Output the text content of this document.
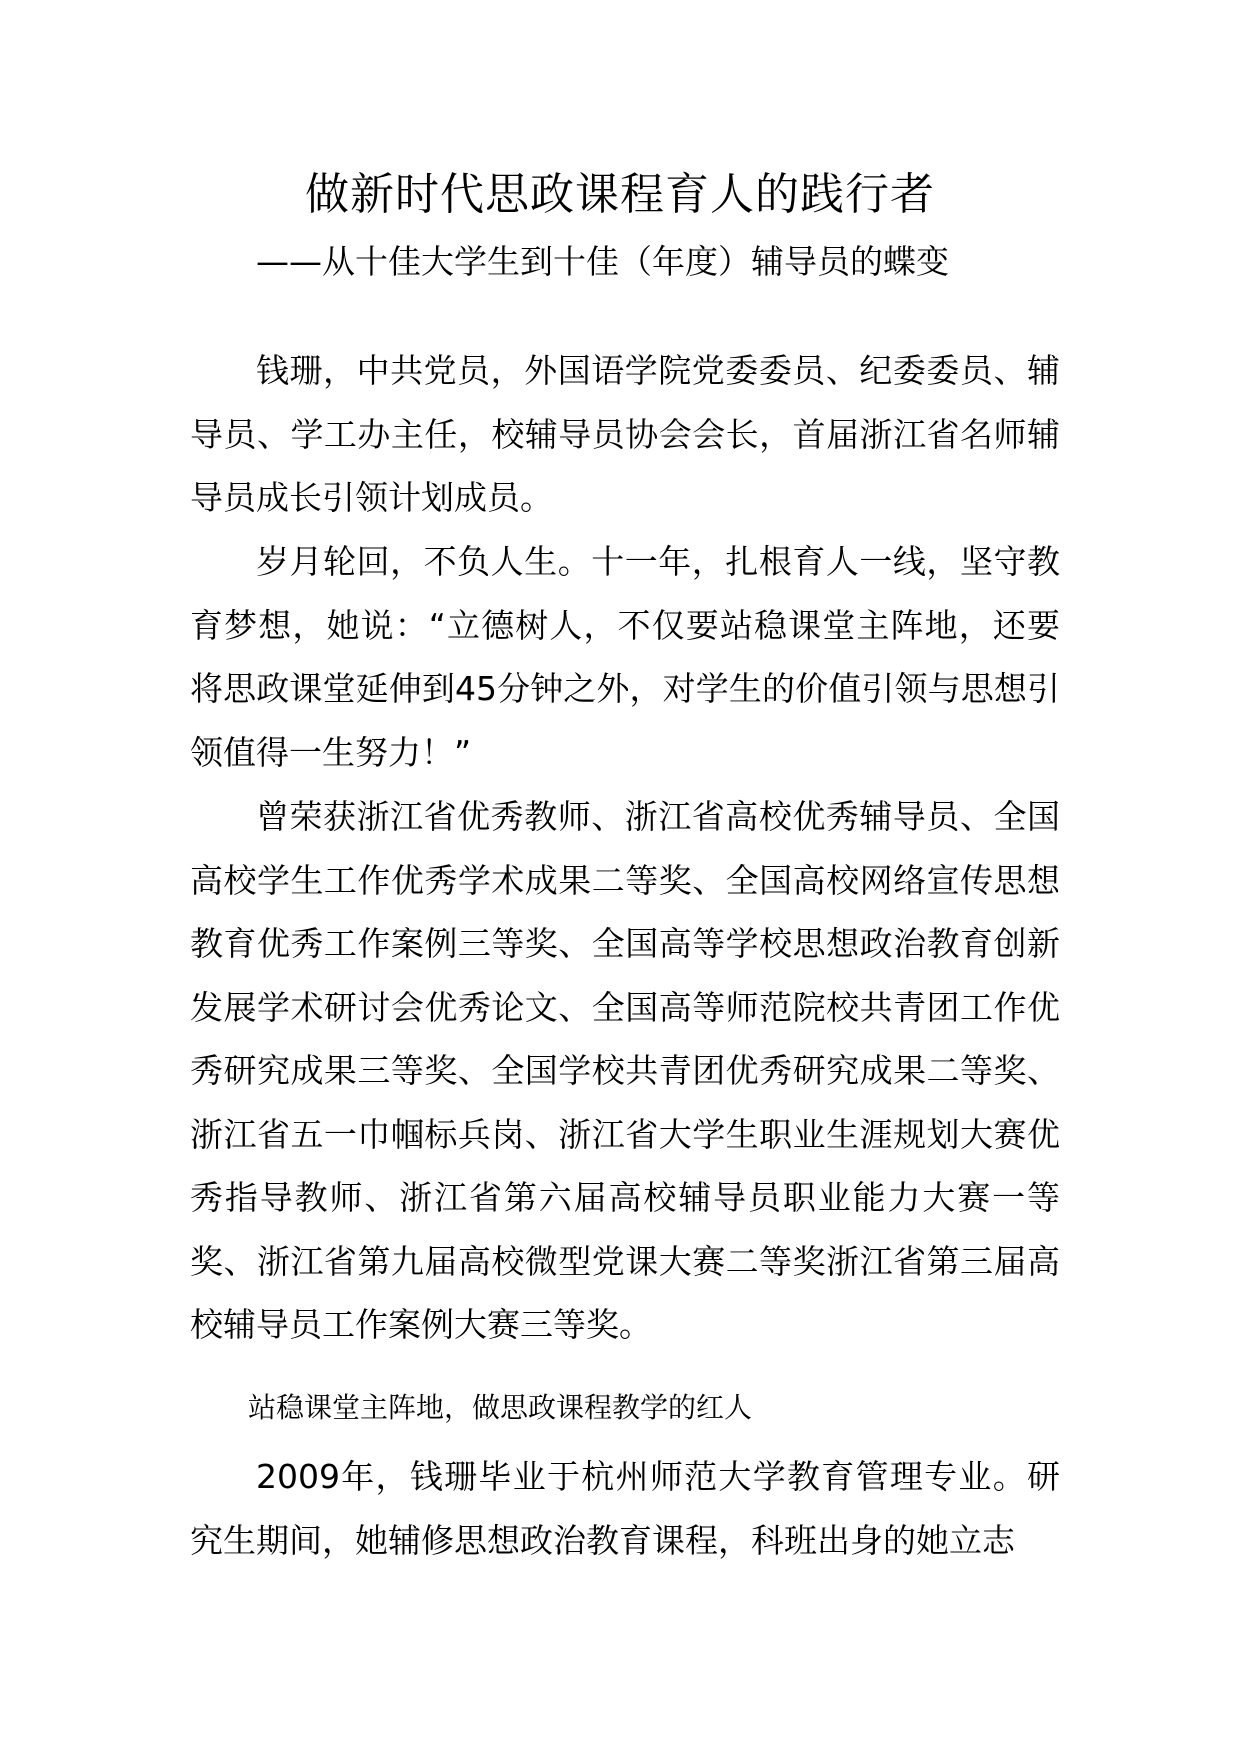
做新时代思政课程育人的践行者
——从十佳大学生到十佳（年度）辅导员的蝶变

钱珊，中共党员，外国语学院党委委员、纪委委员、辅导员、学工办主任，校辅导员协会会长，首届浙江省名师辅导员成长引领计划成员。

岁月轮回，不负人生。十一年，扎根育人一线，坚守教育梦想，她说：“立德树人，不仅要站稳课堂主阵地，还要将思政课堂延伸到45分钟之外，对学生的价值引领与思想引领值得一生努力！”

曾荣获浙江省优秀教师、浙江省高校优秀辅导员、全国高校学生工作优秀学术成果二等奖、全国高校网络宣传思想教育优秀工作案例三等奖、全国高等学校思想政治教育创新发展学术研讨会优秀论文、全国高等师范院校共青团工作优秀研究成果三等奖、全国学校共青团优秀研究成果二等奖、浙江省五一巾帼标兵岗、浙江省大学生职业生涯规划大赛优秀指导教师、浙江省第六届高校辅导员职业能力大赛一等奖、浙江省第九届高校微型党课大赛二等奖浙江省第三届高校辅导员工作案例大赛三等奖。

站稳课堂主阵地，做思政课程教学的红人

2009年，钱珊毕业于杭州师范大学教育管理专业。研究生期间，她辅修思想政治教育课程，科班出身的她立志
